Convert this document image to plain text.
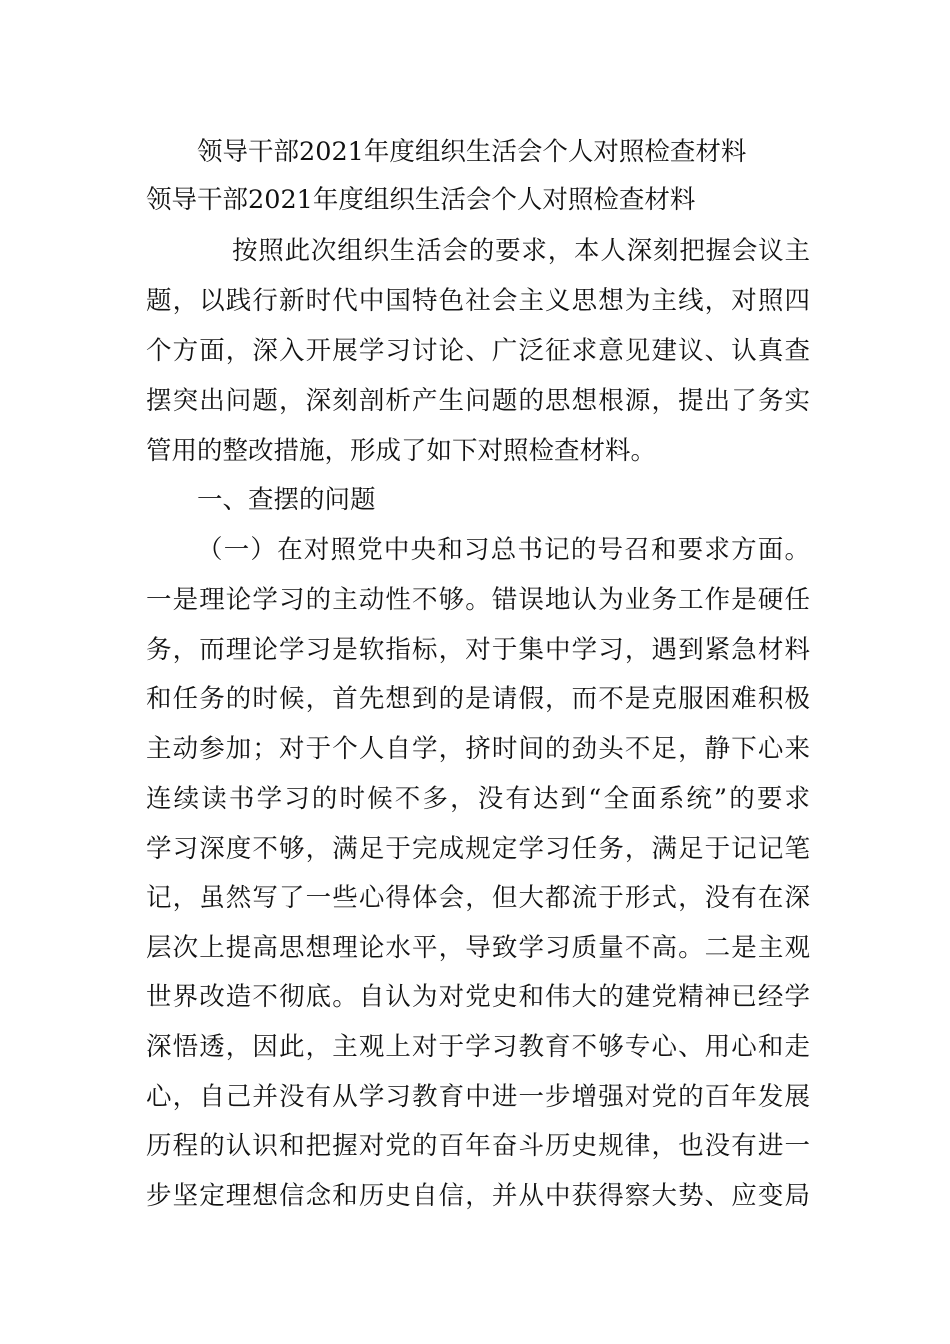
领导干部2021年度组织生活会个人对照检查材料
领导干部2021年度组织生活会个人对照检查材料
按照此次组织生活会的要求，本人深刻把握会议主
题，以践行新时代中国特色社会主义思想为主线，对照四
个方面，深入开展学习讨论、广泛征求意见建议、认真查
摆突出问题，深刻剖析产生问题的思想根源，提出了务实
管用的整改措施，形成了如下对照检查材料。
一、查摆的问题
（一）在对照党中央和习总书记的号召和要求方面。
一是理论学习的主动性不够。错误地认为业务工作是硬任
务，而理论学习是软指标，对于集中学习，遇到紧急材料
和任务的时候，首先想到的是请假，而不是克服困难积极
主动参加；对于个人自学，挤时间的劲头不足，静下心来
连续读书学习的时候不多，没有达到“全面系统”的要求
学习深度不够，满足于完成规定学习任务，满足于记记笔
记，虽然写了一些心得体会，但大都流于形式，没有在深
层次上提高思想理论水平，导致学习质量不高。二是主观
世界改造不彻底。自认为对党史和伟大的建党精神已经学
深悟透，因此，主观上对于学习教育不够专心、用心和走
心，自己并没有从学习教育中进一步增强对党的百年发展
历程的认识和把握对党的百年奋斗历史规律，也没有进一
步坚定理想信念和历史自信，并从中获得察大势、应变局
